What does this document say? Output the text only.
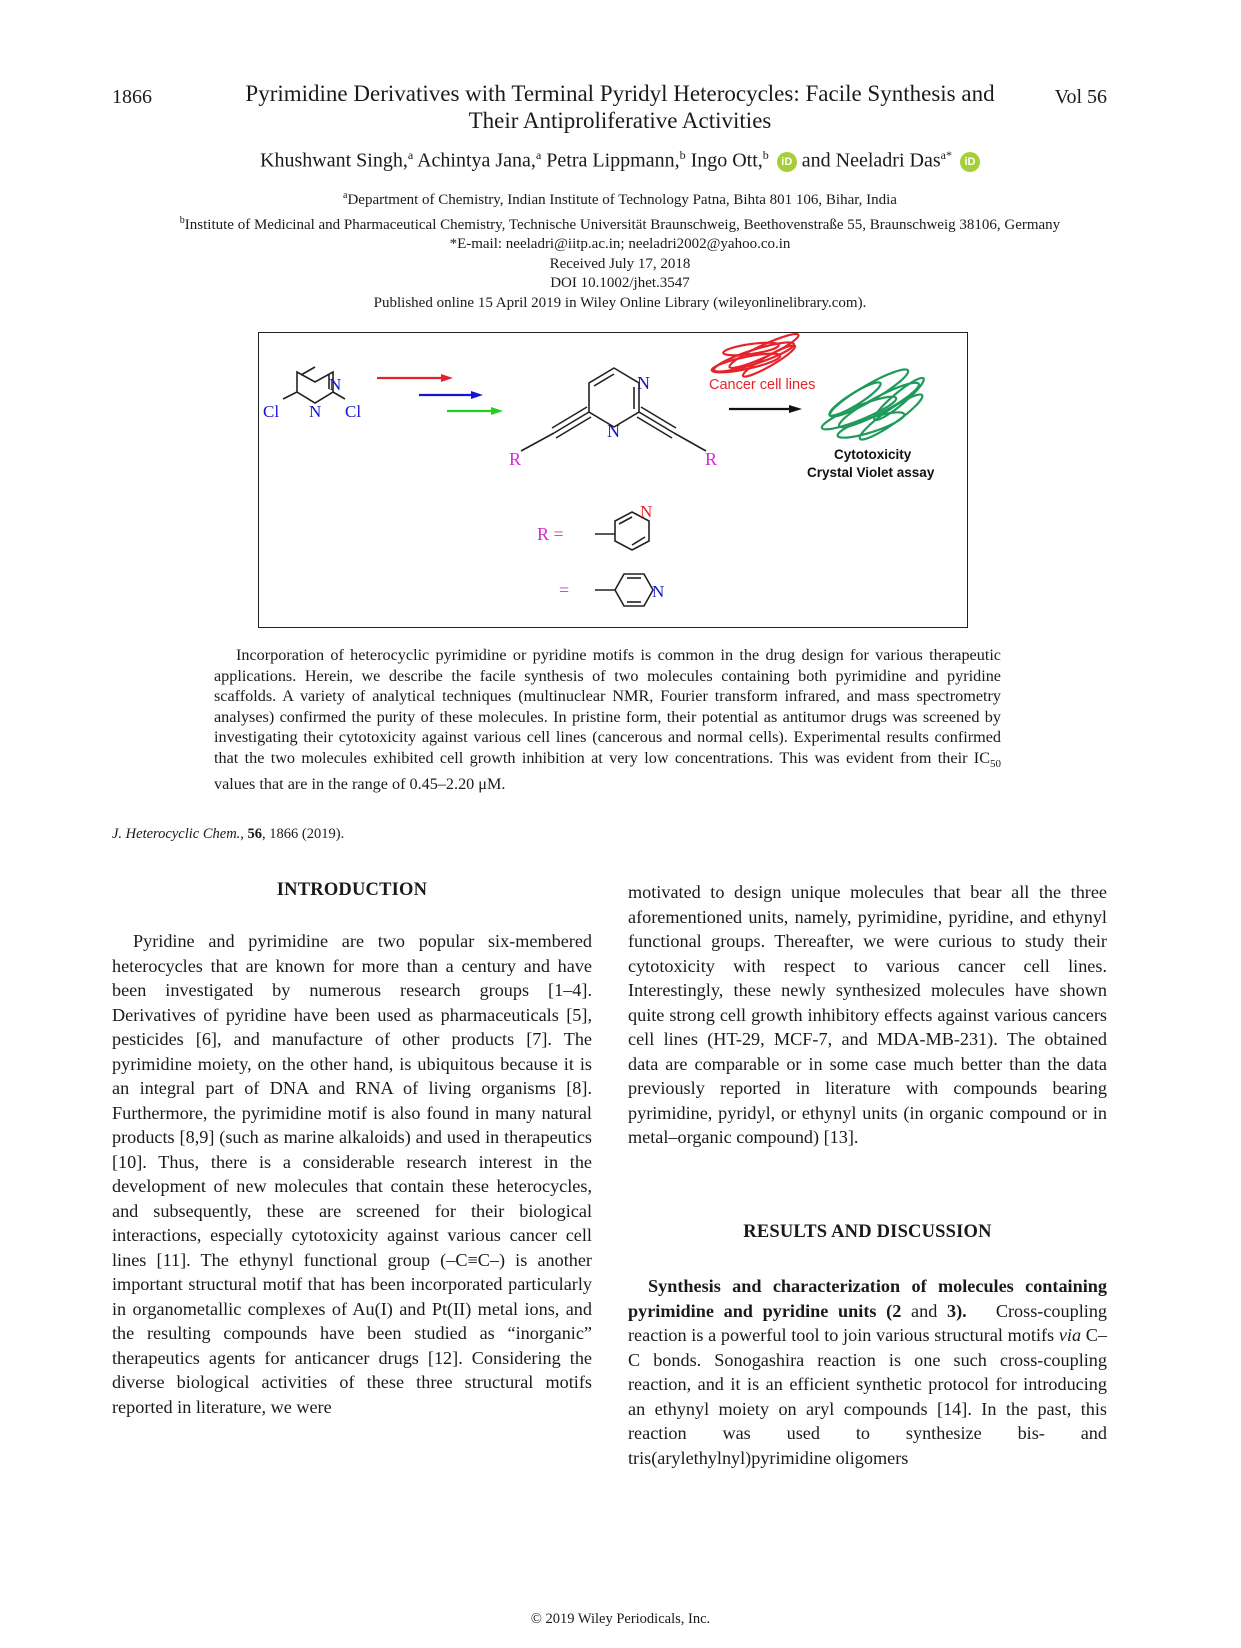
1866	Pyrimidine Derivatives with Terminal Pyridyl Heterocycles: Facile Synthesis and Their Antiproliferative Activities
Vol 56
Khushwant Singh,$^a$ Achintya Jana,$^a$ Petra Lippmann,$^b$ Ingo Ott,$^b$ iD and Neeladri Das$^{a*}$ iD
$^a$Department of Chemistry, Indian Institute of Technology Patna, Bihta 801 106, Bihar, India
$^b$Institute of Medicinal and Pharmaceutical Chemistry, Technische Universität Braunschweig, Beethovenstraße 55, Braunschweig 38106, Germany
*E-mail: neeladri@iitp.ac.in; neeladri2002@yahoo.co.in
Received July 17, 2018
DOI 10.1002/jhet.3547
Published online 15 April 2019 in Wiley Online Library (wileyonlinelibrary.com).
N
N
Cl	Cl
N
N
R	R
Cancer cell lines
Cytotoxicity
Crystal Violet assay
R =
N
=	N
Incorporation of heterocyclic pyrimidine or pyridine motifs is common in the drug design for various therapeutic applications. Herein, we describe the facile synthesis of two molecules containing both pyrimidine and pyridine scaffolds. A variety of analytical techniques (multinuclear NMR, Fourier transform infrared, and mass spectrometry analyses) confirmed the purity of these molecules. In pristine form, their potential as antitumor drugs was screened by investigating their cytotoxicity against various cell lines (cancerous and normal cells). Experimental results confirmed that the two molecules exhibited cell growth inhibition at very low concentrations. This was evident from their $IC_{50}$ values that are in the range of 0.45–2.20 μM.
J. Heterocyclic Chem., 56, 1866 (2019).
INTRODUCTION
Pyridine and pyrimidine are two popular six-membered heterocycles that are known for more than a century and have been investigated by numerous research groups [1–4]. Derivatives of pyridine have been used as pharmaceuticals [5], pesticides [6], and manufacture of other products [7]. The pyrimidine moiety, on the other hand, is ubiquitous because it is an integral part of DNA and RNA of living organisms [8]. Furthermore, the pyrimidine motif is also found in many natural products [8,9] (such as marine alkaloids) and used in therapeutics [10]. Thus, there is a considerable research interest in the development of new molecules that contain these heterocycles, and subsequently, these are screened for their biological interactions, especially cytotoxicity against various cancer cell lines [11]. The ethynyl functional group (–C≡C–) is another important structural motif that has been incorporated particularly in organometallic complexes of Au(I) and Pt(II) metal ions, and the resulting compounds have been studied as “inorganic” therapeutics agents for anticancer drugs [12]. Considering the diverse biological activities of these three structural motifs reported in literature, we were
motivated to design unique molecules that bear all the three aforementioned units, namely, pyrimidine, pyridine, and ethynyl functional groups. Thereafter, we were curious to study their cytotoxicity with respect to various cancer cell lines. Interestingly, these newly synthesized molecules have shown quite strong cell growth inhibitory effects against various cancers cell lines (HT-29, MCF-7, and MDA-MB-231). The obtained data are comparable or in some case much better than the data previously reported in literature with compounds bearing pyrimidine, pyridyl, or ethynyl units (in organic compound or in metal–organic compound) [13].
RESULTS AND DISCUSSION
Synthesis and characterization of molecules containing pyrimidine and pyridine units (2 and 3). Cross-coupling reaction is a powerful tool to join various structural motifs via C–C bonds. Sonogashira reaction is one such cross-coupling reaction, and it is an efficient synthetic protocol for introducing an ethynyl moiety on aryl compounds [14]. In the past, this reaction was used to synthesize bis- and tris(arylethylnyl)pyrimidine oligomers
© 2019 Wiley Periodicals, Inc.
